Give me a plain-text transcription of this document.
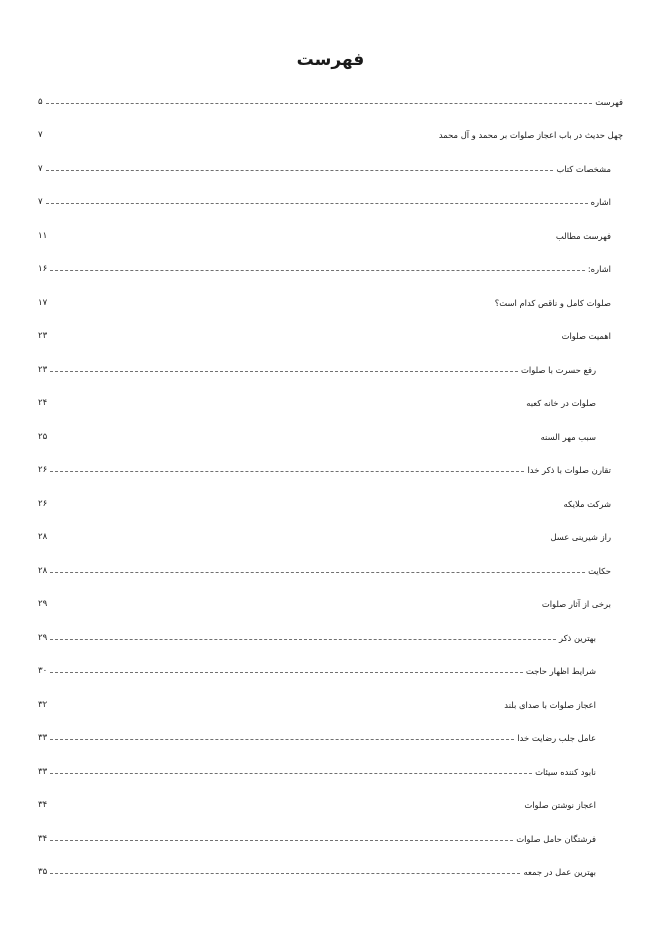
فهرست
۵	فهرست
۷	چهل حدیث در باب اعجاز صلوات بر محمد و آل محمد
۷	مشخصات كتاب
۷	اشاره
۱۱	فهرست مطالب
۱۶	اشاره:
۱۷	صلوات كامل و ناقص كدام است؟
۲۳	اهمیت صلوات
۲۳	رفع حسرت با صلوات
۲۴	صلوات در خانه كعبه
۲۵	سبب مهر السنه
۲۶	تقارن صلوات با ذكر خدا
۲۶	شركت ملایكه
۲۸	راز شیرینی عسل
۲۸	حكایت
۲۹	برخی از آثار صلوات
۲۹	بهترین ذكر
۳۰	شرایط اظهار حاجت
۳۲	اعجاز صلوات با صدای بلند
۳۳	عامل جلب رضایت خدا
۳۳	نابود كننده سیئات
۳۴	اعجاز نوشتن صلوات
۳۴	فرشتگان حامل صلوات
۳۵	بهترین عمل در جمعه
